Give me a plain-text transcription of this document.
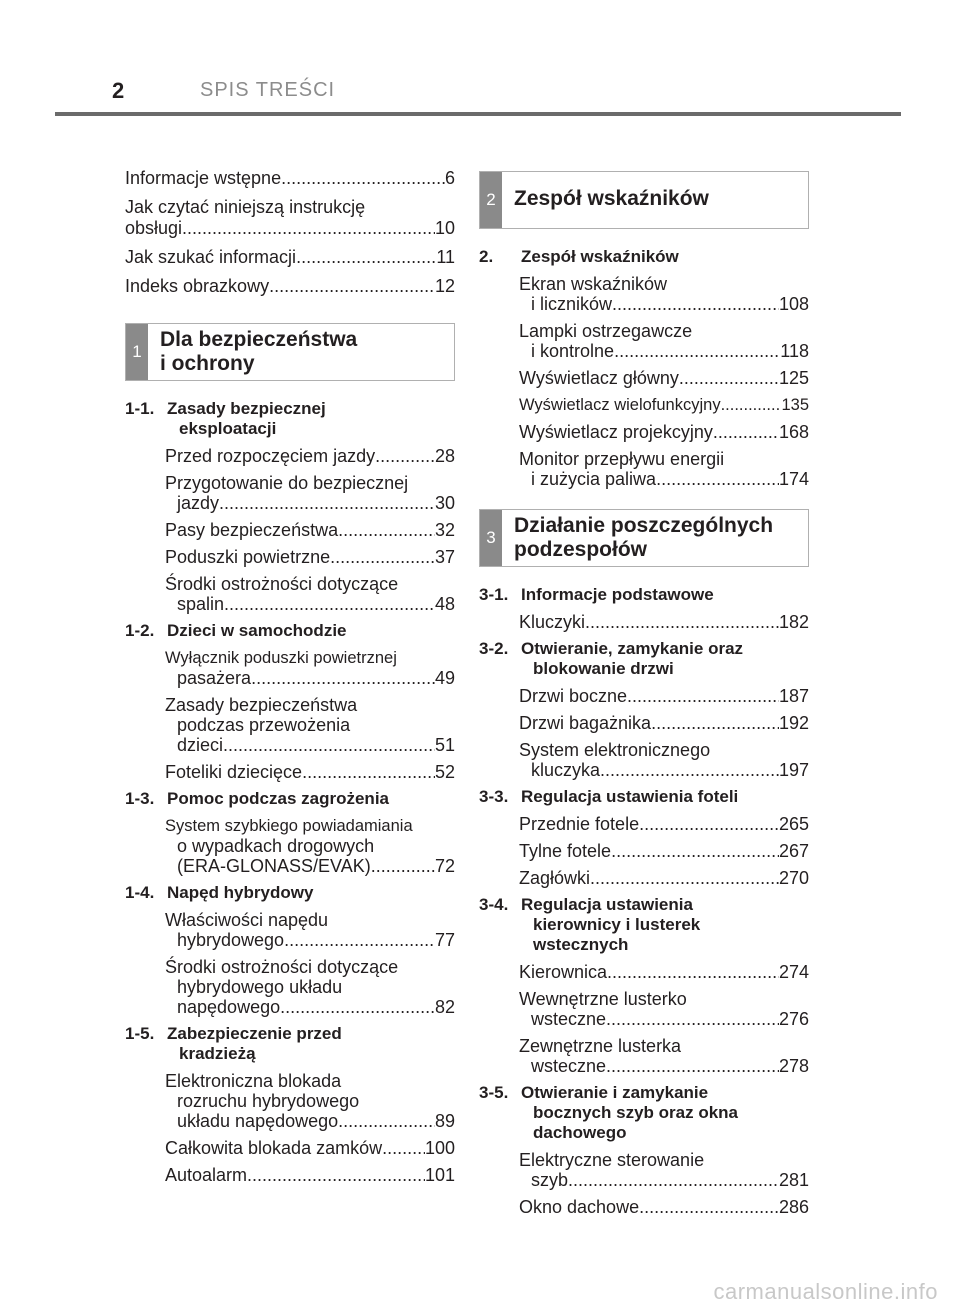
2	SPIS TREŚCI
Informacje wstępne .....	6
Jak czytać niniejszą instrukcję
obsługi .....	10
Jak szukać informacji .....	11
Indeks obrazkowy .....	12
1
Dla bezpieczeństwa
i ochrony
1-1. Zasady bezpiecznej
eksploatacji
Przed rozpoczęciem jazdy .....	28
Przygotowanie do bezpiecznej
jazdy .....	30
Pasy bezpieczeństwa .....	32
Poduszki powietrzne .....	37
Środki ostrożności dotyczące
spalin .....	48
1-2. Dzieci w samochodzie
Wyłącznik poduszki powietrznej
pasażera .....	49
Zasady bezpieczeństwa
podczas przewożenia
dzieci .....	51
Foteliki dziecięce .....	52
1-3. Pomoc podczas zagrożenia
System szybkiego powiadamiania
o wypadkach drogowych
(ERA-GLONASS/EVAK) .....	72
1-4. Napęd hybrydowy
Właściwości napędu
hybrydowego .....	77
Środki ostrożności dotyczące
hybrydowego układu
napędowego .....	82
1-5. Zabezpieczenie przed
kradzieżą
Elektroniczna blokada
rozruchu hybrydowego
układu napędowego .....	89
Całkowita blokada zamków ..... 100
Autoalarm .....	101
2 Zespół wskaźników
2.	Zespół wskaźników
Ekran wskaźników
i liczników .....	108
Lampki ostrzegawcze
i kontrolne .....	118
Wyświetlacz główny .....	125
Wyświetlacz wielofunkcyjny .....	135
Wyświetlacz projekcyjny .....	168
Monitor przepływu energii
i zużycia paliwa .....	174
3
Działanie poszczególnych
podzespołów
3-1. Informacje podstawowe
Kluczyki .....	182
3-2. Otwieranie, zamykanie oraz
blokowanie drzwi
Drzwi boczne .....	187
Drzwi bagażnika .....	192
System elektronicznego
kluczyka .....	197
3-3. Regulacja ustawienia foteli
Przednie fotele .....	265
Tylne fotele .....	267
Zagłówki .....	270
3-4. Regulacja ustawienia
kierownicy i lusterek
wstecznych
Kierownica .....	274
Wewnętrzne lusterko
wsteczne .....	276
Zewnętrzne lusterka
wsteczne .....	278
3-5. Otwieranie i zamykanie
bocznych szyb oraz okna
dachowego
Elektryczne sterowanie
szyb .....	281
Okno dachowe .....	286
carmanualsonline.info
